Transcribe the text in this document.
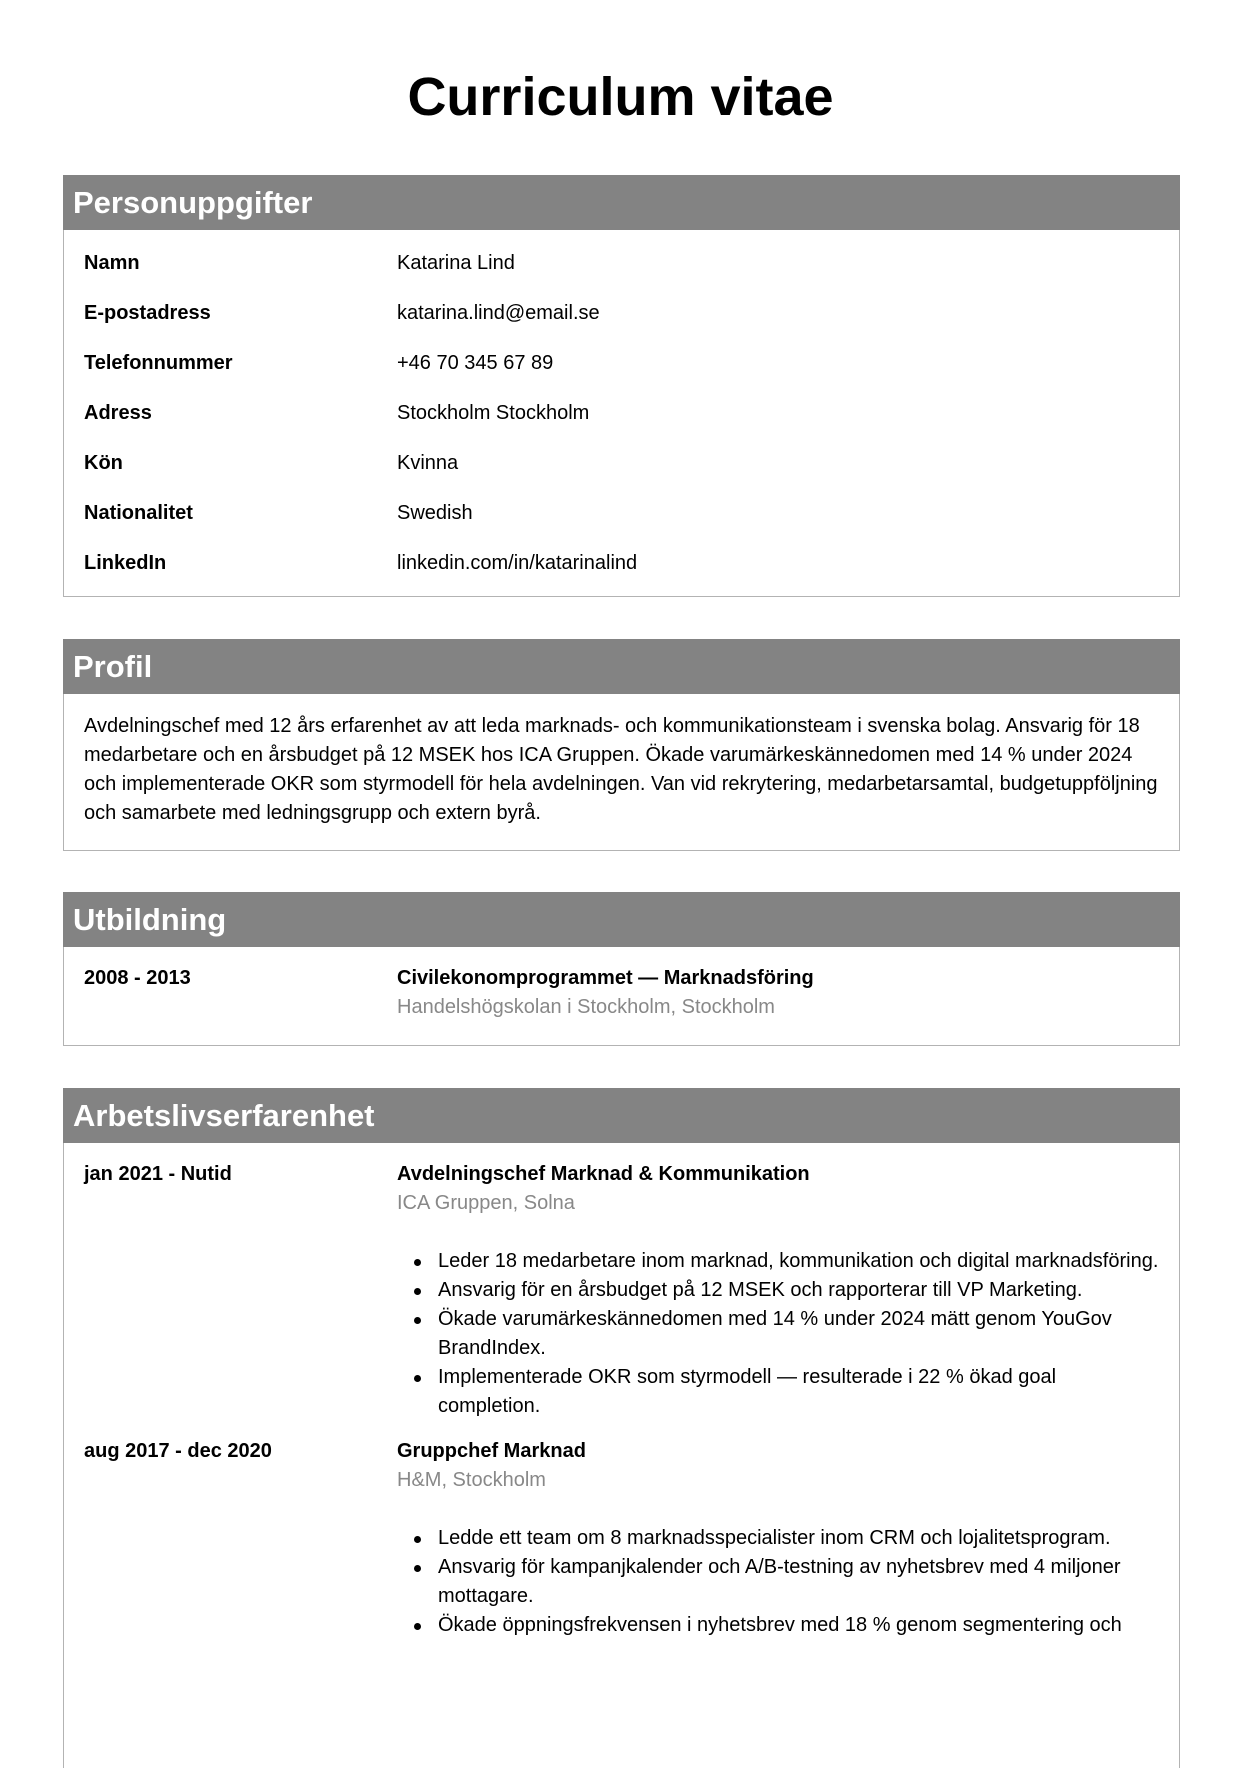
Curriculum vitae
Personuppgifter
Namn	Katarina Lind
E-postadress	katarina.lind@email.se
Telefonnummer	+46 70 345 67 89
Adress	Stockholm Stockholm
Kön	Kvinna
Nationalitet	Swedish
LinkedIn	linkedin.com/in/katarinalind
Profil

Avdelningschef med 12 års erfarenhet av att leda marknads- och kommunikationsteam i svenska bolag. Ansvarig för 18 medarbetare och en årsbudget på 12 MSEK hos ICA Gruppen. Ökade varumärkeskännedomen med 14 % under 2024 och implementerade OKR som styrmodell för hela avdelningen. Van vid rekrytering, medarbetarsamtal, budgetuppföljning och samarbete med ledningsgrupp och extern byrå.

Utbildning
2008 - 2013	Civilekonomprogrammet — Marknadsföring
Handelshögskolan i Stockholm, Stockholm
Arbetslivserfarenhet
jan 2021 - Nutid	Avdelningschef Marknad & Kommunikation
ICA Gruppen, Solna
Leder 18 medarbetare inom marknad, kommunikation och digital marknadsföring.
Ansvarig för en årsbudget på 12 MSEK och rapporterar till VP Marketing.
Ökade varumärkeskännedomen med 14 % under 2024 mätt genom YouGov BrandIndex.
Implementerade OKR som styrmodell — resulterade i 22 % ökad goal completion.
aug 2017 - dec 2020	Gruppchef Marknad
H&M, Stockholm
Ledde ett team om 8 marknadsspecialister inom CRM och lojalitetsprogram.
Ansvarig för kampanjkalender och A/B-testning av nyhetsbrev med 4 miljoner mottagare.
Ökade öppningsfrekvensen i nyhetsbrev med 18 % genom segmentering och
